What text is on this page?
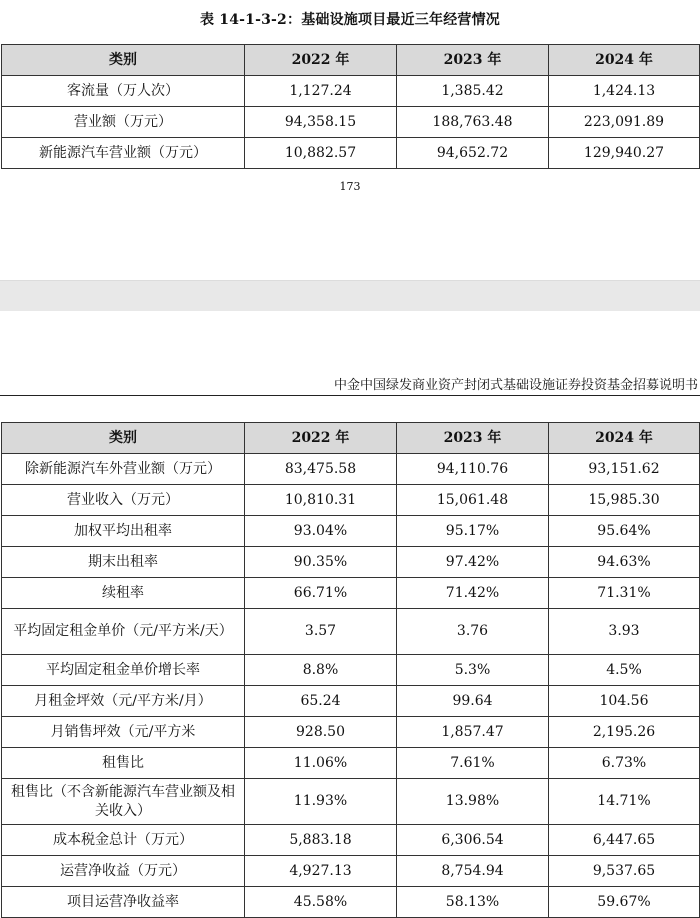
表 14-1-3-2：基础设施项目最近三年经营情况
类别	2022 年	2023 年	2024 年
客流量（万人次）	1,127.24	1,385.42	1,424.13
营业额（万元）	94,358.15	188,763.48	223,091.89
新能源汽车营业额（万元）	10,882.57	94,652.72	129,940.27
173
中金中国绿发商业资产封闭式基础设施证券投资基金招募说明书
类别	2022 年	2023 年	2024 年
除新能源汽车外营业额（万元）	83,475.58	94,110.76	93,151.62
营业收入（万元）	10,810.31	15,061.48	15,985.30
加权平均出租率	93.04%	95.17%	95.64%
期末出租率	90.35%	97.42%	94.63%
续租率	66.71%	71.42%	71.31%
平均固定租金单价（元/平方米/天）	3.57	3.76	3.93
平均固定租金单价增长率	8.8%	5.3%	4.5%
月租金坪效（元/平方米/月）	65.24	99.64	104.56
月销售坪效（元/平方米	928.50	1,857.47	2,195.26
租售比	11.06%	7.61%	6.73%
租售比（不含新能源汽车营业额及相关收入）	11.93%	13.98%	14.71%
成本税金总计（万元）	5,883.18	6,306.54	6,447.65
运营净收益（万元）	4,927.13	8,754.94	9,537.65
项目运营净收益率	45.58%	58.13%	59.67%
